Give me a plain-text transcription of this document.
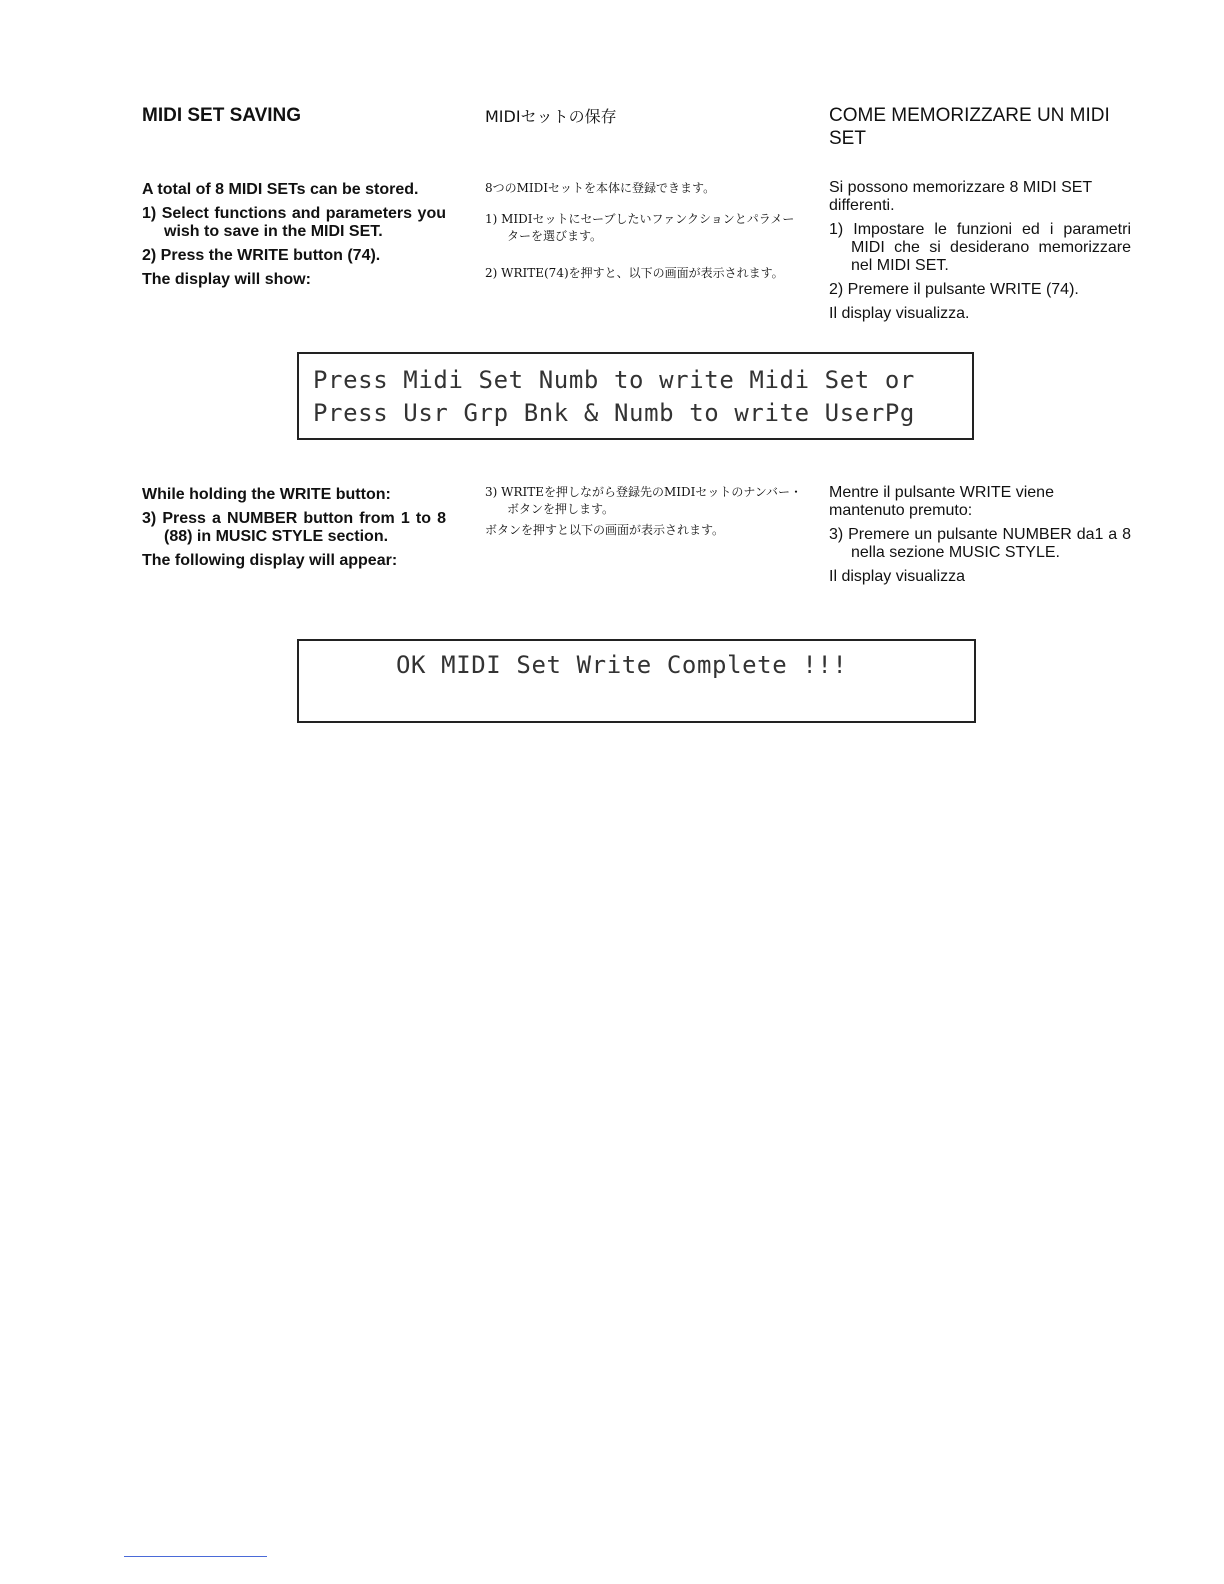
MIDI SET SAVING	MIDIセットの保存	COME MEMORIZZARE UN MIDI SET

A total of 8 MIDI SETs can be stored.

1) Select functions and parameters you wish to save in the MIDI SET.

2) Press the WRITE button (74).

The display will show:

8つのMIDIセットを本体に登録できます。

1) MIDIセットにセーブしたいファンクションとパラメーターを選びます。

2) WRITE(74)を押すと、以下の画面が表示されます。

Si possono memorizzare 8 MIDI SET differenti.

1) Impostare le funzioni ed i parametri MIDI che si desiderano memorizzare nel MIDI SET.

2) Premere il pulsante WRITE (74).

Il display visualizza.

Press Midi Set Numb to write Midi Set or
Press Usr Grp Bnk & Numb to write UserPg

While holding the WRITE button:

3) Press a NUMBER button from 1 to 8 (88) in MUSIC STYLE section.

The following display will appear:

3) WRITEを押しながら登録先のMIDIセットのナンバー・ボタンを押します。

ボタンを押すと以下の画面が表示されます。

Mentre il pulsante WRITE viene mantenuto premuto:

3) Premere un pulsante NUMBER da1 a 8 nella sezione MUSIC STYLE.

Il display visualizza

OK MIDI Set Write Complete !!!
